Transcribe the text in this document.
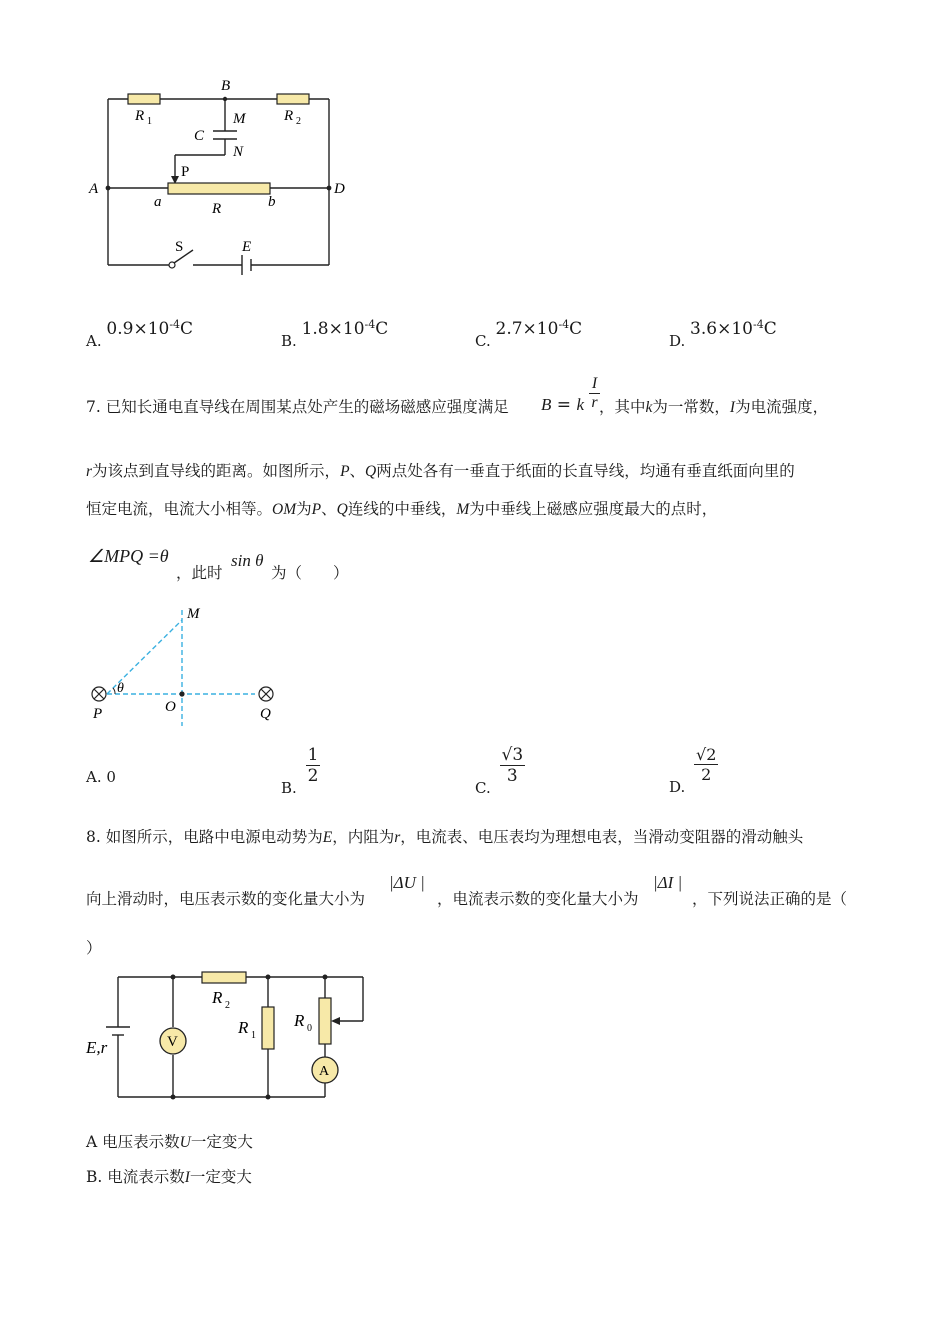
B
R 1	R 2
C
M
N
P
A	D
a	R	b
S	E
A. $0.9\times 10^{-4}C$
B. $1.8\times 10^{-4}C$
C. $2.7\times 10^{-4}C$
D. $3.6\times 10^{-4}C$
7. 已知长通电直导线在周围某点处产生的磁场磁感应强度满足 B = k $\frac{I}{r}$ ，其中k为一常数，I为电流强度，
r为该点到直导线的距离。如图所示，P、Q两点处各有一垂直于纸面的长直导线，均通有垂直纸面向里的
恒定电流，电流大小相等。OM为P、Q连线的中垂线，M为中垂线上磁感应强度最大的点时，
∠MPQ =θ
，此时
sin θ
为（　　）
M
θ
P	O	Q
A. 0
B.
$\frac{1}{2}$
C.
$\frac{√3}{3}$
D.
$\frac{√2}{2}$
8. 如图所示，电路中电源电动势为E，内阻为r，电流表、电压表均为理想电表，当滑动变阻器的滑动触头
向上滑动时，电压表示数的变化量大小为
|ΔU |
，电流表示数的变化量大小为
|ΔI |
，下列说法正确的是（
）
V
A
R 2
R 1
R 0
E,r
A 电压表示数U一定变大
B. 电流表示数I一定变大
